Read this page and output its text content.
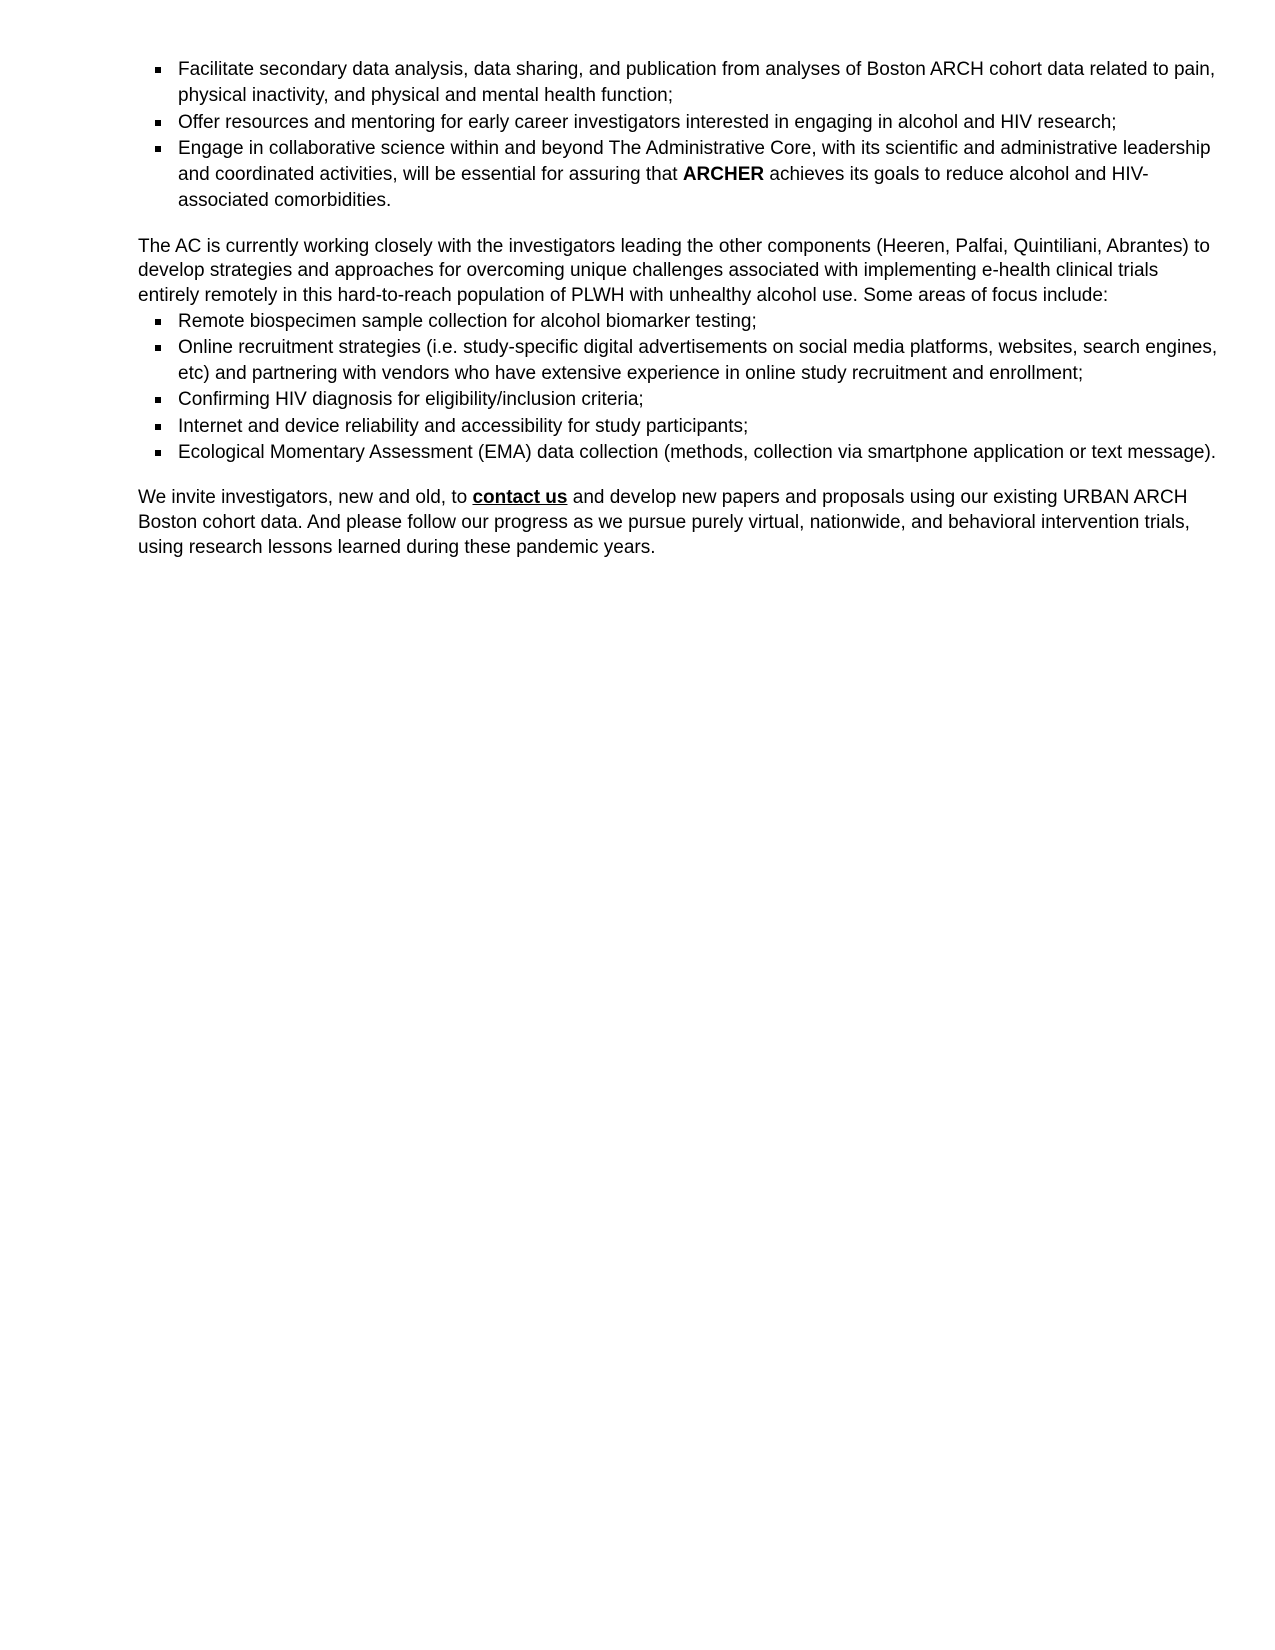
Facilitate secondary data analysis, data sharing, and publication from analyses of Boston ARCH cohort data related to pain, physical inactivity, and physical and mental health function;
Offer resources and mentoring for early career investigators interested in engaging in alcohol and HIV research;
Engage in collaborative science within and beyond The Administrative Core, with its scientific and administrative leadership and coordinated activities, will be essential for assuring that ARCHER achieves its goals to reduce alcohol and HIV-associated comorbidities.

The AC is currently working closely with the investigators leading the other components (Heeren, Palfai, Quintiliani, Abrantes) to develop strategies and approaches for overcoming unique challenges associated with implementing e-health clinical trials entirely remotely in this hard-to-reach population of PLWH with unhealthy alcohol use. Some areas of focus include:

Remote biospecimen sample collection for alcohol biomarker testing;
Online recruitment strategies (i.e. study-specific digital advertisements on social media platforms, websites, search engines, etc) and partnering with vendors who have extensive experience in online study recruitment and enrollment;
Confirming HIV diagnosis for eligibility/inclusion criteria;
Internet and device reliability and accessibility for study participants;
Ecological Momentary Assessment (EMA) data collection (methods, collection via smartphone application or text message).

We invite investigators, new and old, to contact us and develop new papers and proposals using our existing URBAN ARCH Boston cohort data. And please follow our progress as we pursue purely virtual, nationwide, and behavioral intervention trials, using research lessons learned during these pandemic years.
